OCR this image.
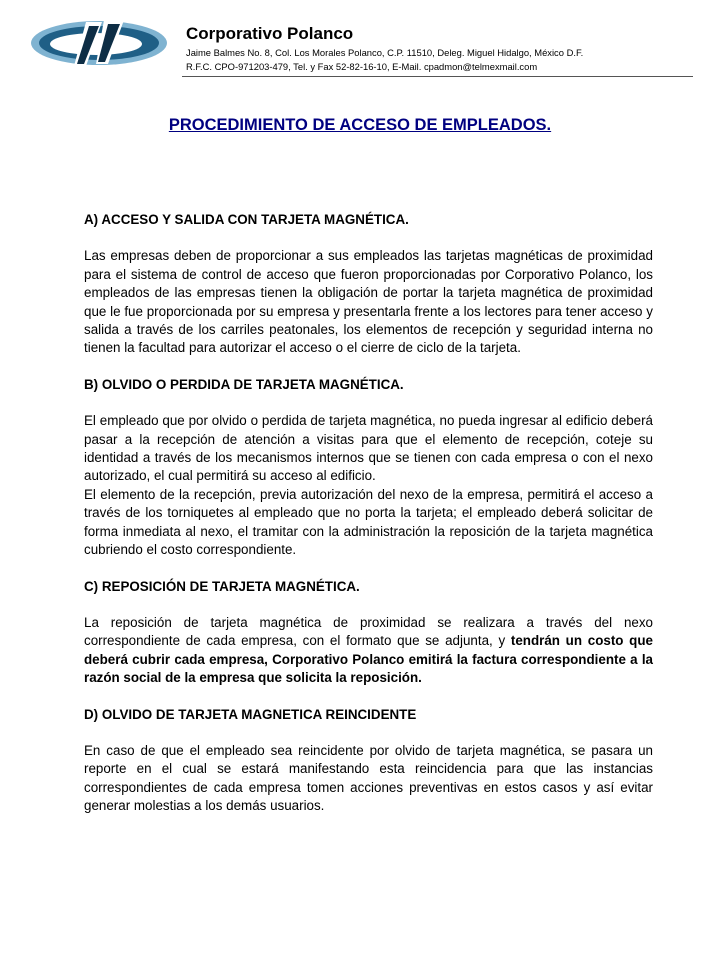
Corporativo Polanco

Jaime Balmes No. 8, Col. Los Morales Polanco, C.P. 11510, Deleg. Miguel Hidalgo, México D.F.

R.F.C. CPO-971203-479, Tel. y Fax 52-82-16-10, E-Mail. cpadmon@telmexmail.com

PROCEDIMIENTO DE ACCESO DE EMPLEADOS.
A) ACCESO Y SALIDA CON TARJETA MAGNÉTICA.

Las empresas deben de proporcionar a sus empleados las tarjetas magnéticas de proximidad para el sistema de control de acceso que fueron proporcionadas por Corporativo Polanco, los empleados de las empresas tienen la obligación de portar la tarjeta magnética de proximidad que le fue proporcionada por su empresa y presentarla frente a los lectores para tener acceso y salida a través de los carriles peatonales, los elementos de recepción y seguridad interna no tienen la facultad para autorizar el acceso o el cierre de ciclo de la tarjeta.

B) OLVIDO O PERDIDA DE TARJETA MAGNÉTICA.

El empleado que por olvido o perdida de tarjeta magnética, no pueda ingresar al edificio deberá pasar a la recepción de atención a visitas para que el elemento de recepción, coteje su identidad a través de los mecanismos internos que se tienen con cada empresa o con el nexo autorizado, el cual permitirá su acceso al edificio.

El elemento de la recepción, previa autorización del nexo de la empresa, permitirá el acceso a través de los torniquetes al empleado que no porta la tarjeta; el empleado deberá solicitar de forma inmediata al nexo, el tramitar con la administración la reposición de la tarjeta magnética cubriendo el costo correspondiente.

C) REPOSICIÓN DE TARJETA MAGNÉTICA.

La reposición de tarjeta magnética de proximidad se realizara a través del nexo correspondiente de cada empresa, con el formato que se adjunta, y tendrán un costo que deberá cubrir cada empresa, Corporativo Polanco emitirá la factura correspondiente a la razón social de la empresa que solicita la reposición.

D) OLVIDO DE TARJETA MAGNETICA REINCIDENTE

En caso de que el empleado sea reincidente por olvido de tarjeta magnética, se pasara un reporte en el cual se estará manifestando esta reincidencia para que las instancias correspondientes de cada empresa tomen acciones preventivas en estos casos y así evitar generar molestias a los demás usuarios.
